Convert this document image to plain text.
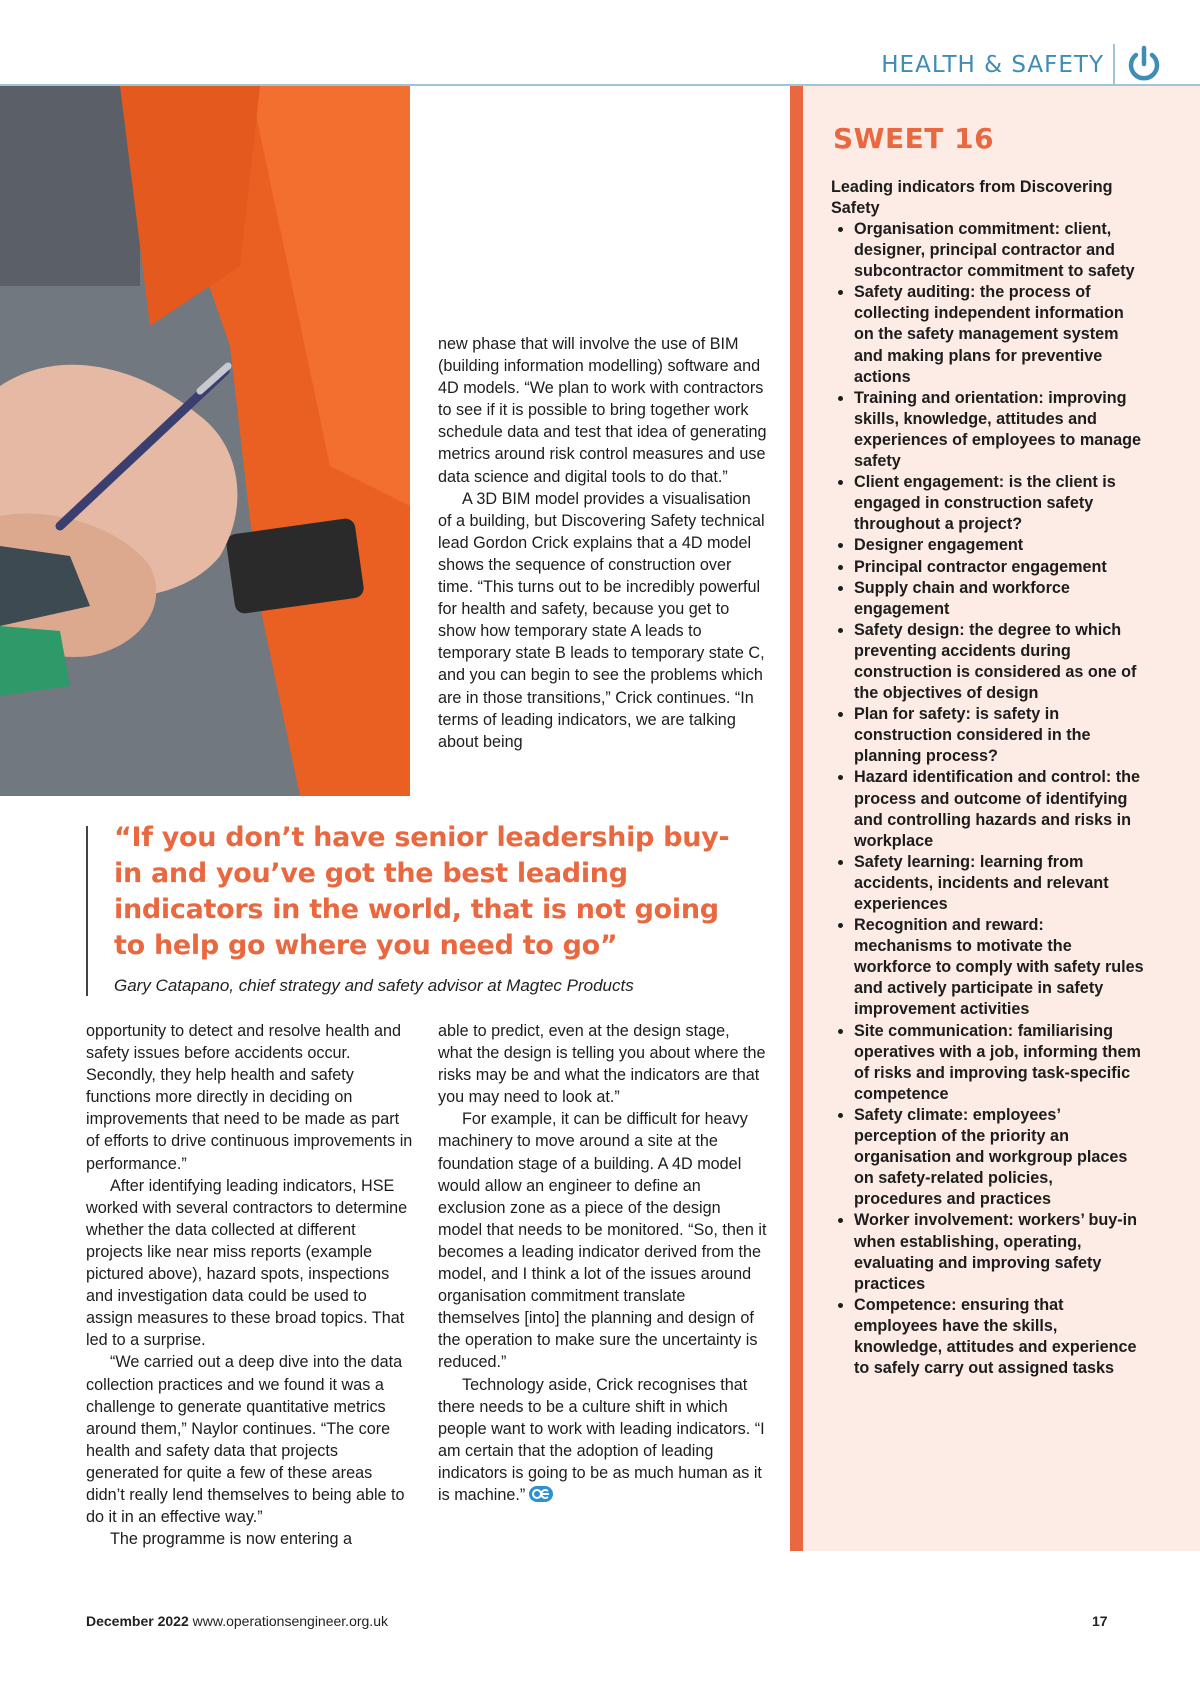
HEALTH & SAFETY

new phase that will involve the use of BIM (building information modelling) software and 4D models. “We plan to work with contractors to see if it is possible to bring together work schedule data and test that idea of generating metrics around risk control measures and use data science and digital tools to do that.”

A 3D BIM model provides a visualisation of a building, but Discovering Safety technical lead Gordon Crick explains that a 4D model shows the sequence of construction over time. “This turns out to be incredibly powerful for health and safety, because you get to show how temporary state A leads to temporary state B leads to temporary state C, and you can begin to see the problems which are in those transitions,” Crick continues. “In terms of leading indicators, we are talking about being

“If you don’t have senior leadership buy-in and you’ve got the best leading indicators in the world, that is not going to help go where you need to go”

Gary Catapano, chief strategy and safety advisor at Magtec Products

opportunity to detect and resolve health and safety issues before accidents occur. Secondly, they help health and safety functions more directly in deciding on improvements that need to be made as part of efforts to drive continuous improvements in performance.”

After identifying leading indicators, HSE worked with several contractors to determine whether the data collected at different projects like near miss reports (example pictured above), hazard spots, inspections and investigation data could be used to assign measures to these broad topics. That led to a surprise.

“We carried out a deep dive into the data collection practices and we found it was a challenge to generate quantitative metrics around them,” Naylor continues. “The core health and safety data that projects generated for quite a few of these areas didn’t really lend themselves to being able to do it in an effective way.”

The programme is now entering a

able to predict, even at the design stage, what the design is telling you about where the risks may be and what the indicators are that you may need to look at.”

For example, it can be difficult for heavy machinery to move around a site at the foundation stage of a building. A 4D model would allow an engineer to define an exclusion zone as a piece of the design model that needs to be monitored. “So, then it becomes a leading indicator derived from the model, and I think a lot of the issues around organisation commitment translate themselves [into] the planning and design of the operation to make sure the uncertainty is reduced.”

Technology aside, Crick recognises that there needs to be a culture shift in which people want to work with leading indicators. “I am certain that the adoption of leading indicators is going to be as much human as it is machine.”

SWEET 16
Leading indicators from Discovering Safety
• Organisation commitment: client, designer, principal contractor and subcontractor commitment to safety
• Safety auditing: the process of collecting independent information on the safety management system and making plans for preventive actions
• Training and orientation: improving skills, knowledge, attitudes and experiences of employees to manage safety
• Client engagement: is the client is engaged in construction safety throughout a project?
• Designer engagement
• Principal contractor engagement
• Supply chain and workforce engagement
• Safety design: the degree to which preventing accidents during construction is considered as one of the objectives of design
• Plan for safety: is safety in construction considered in the planning process?
• Hazard identification and control: the process and outcome of identifying and controlling hazards and risks in workplace
• Safety learning: learning from accidents, incidents and relevant experiences
• Recognition and reward: mechanisms to motivate the workforce to comply with safety rules and actively participate in safety improvement activities
• Site communication: familiarising operatives with a job, informing them of risks and improving task-specific competence
• Safety climate: employees’ perception of the priority an organisation and workgroup places on safety-related policies, procedures and practices
• Worker involvement: workers’ buy-in when establishing, operating, evaluating and improving safety practices
• Competence: ensuring that employees have the skills, knowledge, attitudes and experience to safely carry out assigned tasks
December 2022 www.operationsengineer.org.uk	17
